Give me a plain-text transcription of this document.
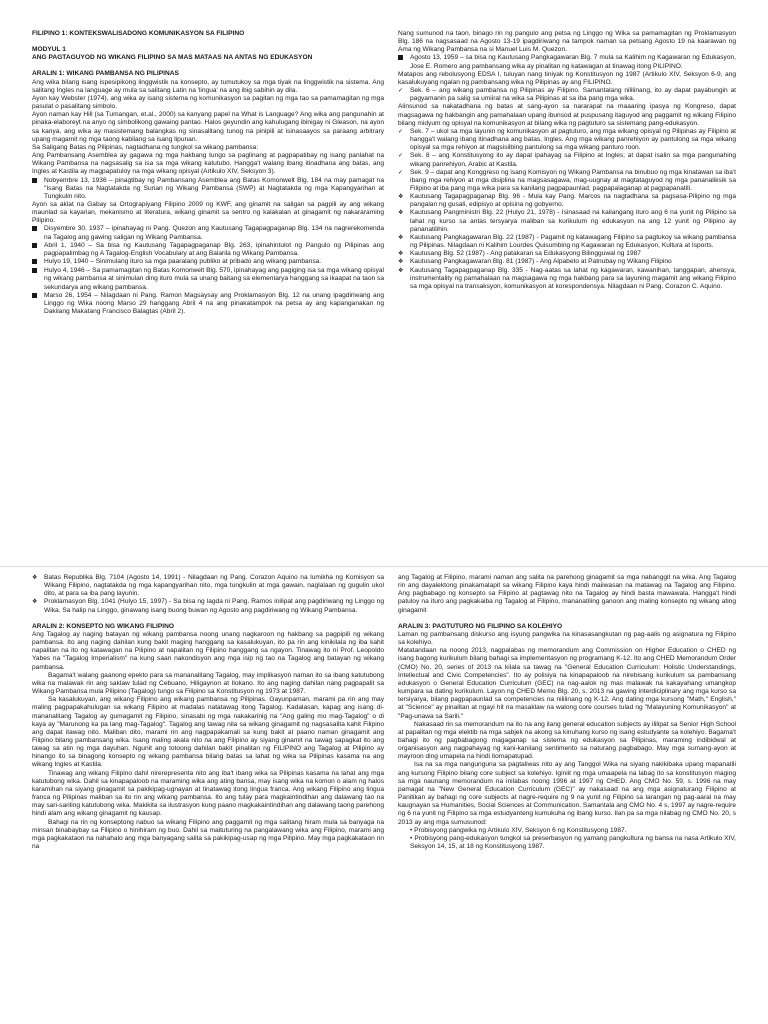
FILIPINO 1: KONTEKSWALISADONG KOMUNIKASYON SA FILIPINO

MODYUL 1

ANG PAGTAGUYOD NG WIKANG FILIPINO SA MAS MATAAS NA ANTAS NG EDUKASYON

ARALIN 1: WIKANG PAMBANSA NG PILIPINAS

Ang wika bilang isang ispesipikong linggwistik na konsepto, ay tumutukoy sa mga tiyak na linggwistik na sistema. Ang salitang Ingles na language ay mula sa salitang Latin na 'lingua' na ang ibig sabihin ay dila.

Ayon kay Webster (1974), ang wika ay isang sistema ng komunikasyon sa pagitan ng mga tao sa pamamagitan ng mga pasulat o pasalitang simbolo.

Ayon naman kay Hill (sa Tumangan, et.al., 2000) sa kanyang papel na What is Language? Ang wika ang pangunahin at pinaka-elaboreyt na anyo ng simbolikong gawaing pantao. Halos geyundin ang kahulugang ibinigay ni Gleason, na ayon sa kanya, ang wika ay masistemang balangkas ng sinasalitang tunog na pinipili at isinasaayos sa paraang arbitrary upang magamit ng mga taong kabilang sa isang lipunan.

Sa Saligang Batas ng Pilipinas, nagtadhana ng tungkol sa wikang pambansa:

Ang Pambansang Asemblea ay gagawa ng mga hakbang tungo sa paglinang at pagpapatibay ng isang panlahat na Wikang Pambansa na nagsasalig sa isa sa mga wikang katutubo. Hangga't walang ibang itinadhana ang batas, ang Ingles at Kastila ay magpapatuloy na mga wikang opisyal (Artikulo XIV, Seksyon 3).

Nobyembre 13, 1936 – pinagtibay ng Pambansang Asemblea ang Batas Komonwelt Blg. 184 na may pamagat na "Isang Batas na Nagtatakda ng Surian ng Wikang Pambansa (SWP) at Nagtatakda ng mga Kapangyarihan at Tungkulin nito.

Ayon sa aklat na Gabay sa Ortograpiyang Filipino 2009 ng KWF, ang ginamit na saligan sa pagpili ay ang wikang maunlad sa kayarian, mekanismo at literatura, wikang ginamit sa sentro ng kalakalan at ginagamit ng nakararaming Pilipino.

Disyembre 30, 1937 – ipinahayag ni Pang. Quezon ang Kautusang Tagapagpaganap Blg. 134 na nagrerekomenda na Tagalog ang gawing saligan ng Wikang Pambansa.
Abril 1, 1940 – Sa bisa ng Kautusang Tagapagpaganap Blg. 263, ipinahintulot ng Pangulo ng Pilipinas ang pagpapalimbag ng A Tagalog-English Vocabulary at ang Balarila ng Wikang Pambansa.
Hulyo 19, 1940 – Sinimulang ituro sa mga paaralang publiko at pribado ang wikang pambansa.
Hulyo 4, 1946 – Sa pamamagitan ng Batas Komonwelt Blg. 570, ipinahayag ang pagiging isa sa mga wikang opisyal ng wikang pambansa at sinimulan ding ituro mula sa unang baitang sa elementarya hanggang sa ikaapat na taon sa sekundarya ang wikang pambansa.
Marso 26, 1954 – Nilagdaan ni Pang. Ramon Magsaysay ang Proklamasyon Blg. 12 na unang ipagdiriwang ang Linggo ng Wika noong Marso 29 hanggang Abril 4 na ang pinakatampok na petsa ay ang kapanganakan ng Dakilang Makatang Francisco Balagtas (Abril 2).

Nang sumunod na taon, binago rin ng pangulo ang petsa ng Linggo ng Wika sa pamamagitan ng Proklamasyon Blg. 186 na nagsasaad na Agosto 13-19 ipagdiriwang na tampok naman sa petsang Agosto 19 na kaarawan ng Ama ng Wikang Pambansa na si Manuel Luis M. Quezon.

Agosto 13, 1959 – sa bisa ng Kautusang Pangkagawaran Blg. 7 mula sa Kalihim ng Kagawaran ng Edukasyon, Jose E. Romero ang pambansang wika ay pinalitan ng katawagan at tinawag itong PILIPINO.

Matapos ang rebolusyong EDSA I, tuluyan nang tiniyak ng Konstitusyon ng 1987 (Artikulo XIV, Seksyon 6-9, ang kasalukuyang ngalan ng pambansang wika ng Pilipinas ay ang FILIPINO.

✓	Sek. 6 – ang wikang pambansa ng Pilipinas ay Filipino. Samantalang nililinang, ito ay dapat payabungin at pagyamanin pa salig sa umiiral na wika sa Pilipinas at sa iba pang mga wika.

Alinsunod sa nakatadhana ng batas at sang-ayon sa nararapat na maaaring ipasya ng Kongreso, dapat magsagawa ng hakbangin ang pamahalaan upang ibunsod at puspusang itaguyod ang paggamit ng wikang Filipino bilang midyum ng opisyal na komunikasyon at bilang wika ng pagtuturo sa sistemang pang-edukasyon.

✓	Sek. 7 – ukol sa mga layunin ng komunikasyon at pagtuturo, ang mga wikang opisyal ng Pilipinas ay Filipino at hangga't walang ibang itinadhana ang batas, Ingles. Ang mga wikang panrehiyon ay pantulong sa mga wikang opisyal sa mga rehiyon at magsisilbing pantulong sa mga wikang panturo roon.
✓	Sek. 8 – ang Konstitusyong ito ay dapat ipahayag sa Filipino at Ingles; at dapat isalin sa mga pangunahing wikang panrehiyon, Arabic at Kastila.
✓	Sek. 9 – dapat ang Konggreso ng isang Komisyon ng Wikang Pambansa na binubuo ng mga kinatawan sa iba't ibang mga rehiyon at mga disiplina na magsasagawa, mag-uugnay at magtataguyod ng mga pananaliksik sa Filipino at iba pang mga wika para sa kanilang pagpapaunlad, pagpapalaganap at pagpapanatili.
❖	Kautusang Tagapagpaganap Blg. 96 - Mula kay Pang. Marcos na nagtadhana sa pagsasa-Pilipino ng mga pangalan ng gusali, edipisyo at opisina ng gobyerno.
❖	Kautusang Pangministri Blg. 22 (Hulyo 21, 1978) - Isinasaad na kailangang ituro ang 6 na yunit ng Pilipino sa lahat ng kurso sa antas tersyarya maliban sa kurikulum ng edukasyon na ang 12 yunit ng Pilipino ay pananatilihin.
❖	Kautusang Pangkagawaran Blg. 22 (1987) - Pagamit ng katawagang Filipino sa pagtukoy sa wikang pambansa ng Pilipinas. Nilagdaan ni Kalihim Lourdes Quisumbing ng Kagawaran ng Edukasyon, Kultura at Isports.
❖	Kautusang Blg. 52 (1987) - Ang patakaran sa Edukasyong Bilingguwal ng 1987
❖	Kautusang Pangkagawaran Blg. 81 (1987) - Ang Alpabeto at Patnubay ng Wikang Filipino
❖	Kautusang Tagapagpaganap Blg. 335 - Nag-aatas sa lahat ng kagawaran, kawanihan, tanggapan, ahensya, instrumentality ng pamahalaan na magsagawa ng mga hakbang para sa layuning magamit ang wikang Filipino sa mga opisyal na transaksyon, komunikasyon at korespondensya. Nilagdaan ni Pang. Corazon C. Aquino.
❖	Batas Republika Blg. 7104 (Agosto 14, 1991) - Nilagdaan ng Pang. Corazon Aquino na lumikha ng Komisyon sa Wikang Filipino, nagtatakda ng mga kapangyarihan nito, mga tungkulin at mga gawain, naglalaan ng gugulin ukol dito, at para sa iba pang layunin.
❖	Proklamasyon Blg. 1041 (Hulyo 15, 1997) - Sa bisa ng lagda ni Pang. Ramos inilipat ang pagdiriwang ng Linggo ng Wika. Sa halip na Linggo, ginawang isang buong buwan ng Agosto ang pagdiriwang ng Wikang Pambansa.

ARALIN 2: KONSEPTO NG WIKANG FILIPINO

Ang Tagalog ay naging batayan ng wikang pambansa noong unang nagkaroon ng hakbang sa pagpipili ng wikang pambansa. Ito ang naging dahilan kung bakit maging hanggang sa kasalukuyan, ito pa rin ang kinikilala ng iba kahit napalitan na ito ng katawagan na Pilipino at napalitan ng Filipino hanggang sa ngayon. Tinawag ito ni Prof. Leopoldo Yabes na "Tagalog Imperialism" na kung saan nakondisyon ang mga isip ng tao na Tagalog ang batayan ng wikang pambansa.

Bagama't walang gaanong epekto para sa mananalitang Tagalog, may implikasyon naman ito sa ibang katutubong wika na malawak rin ang saklaw tulad ng Cebuano, Hiligaynon at Ilokano. Ito ang naging dahilan nang pagpapalit sa Wikang Pambansa mula Pilipino (Tagalog) tungo sa Filipino sa Konstitusyon ng 1973 at 1987.

Sa kasalukuyan, ang wikang Filipino ang wikang pambansa ng Pilipinas. Gayunpaman, marami pa rin ang may maling pagpapakahulugan sa wikang Filipino at madalas natatawag itong Tagalog. Kadalasan, kapag ang isang di-mananalitang Tagalog ay gumagamit ng Filipino, sinasabi ng mga nakakarinig na "Ang galing mo mag-Tagalog" o di kaya ay "Marunong ka pa lang mag-Tagalog". Tagalog ang tawag nila sa wikang ginagamit ng nagsasalita kahit Filipino ang dapat itawag nito. Maliban dito, marami rin ang nagpapakamali sa kung bakit at paano naman ginagamit ang Filipino bilang pambansang wika. Isang maling akala nito na ang Filipino ay siyang ginamit na tawag sapagkat ito ang tawag sa atin ng mga dayuhan. Ngunit ang totoong dahilan bakit pinalitan ng FILIPINO ang Tagalog at Pilipino ay hinango ito sa binagong konsepto ng wikang pambansa bilang batas sa lahat ng wika sa Pilipinas kasama na ang wikang Ingles at Kastila.

Tinawag ang wikang Filipino dahil nirerepresenta nito ang iba't ibang wika sa Pilipinas kasama na lahat ang mga katutubong wika. Dahil sa kinapapaloob na maraming wika ang ating bansa, may isang wika na komon o alam ng halos karamihan na siyang ginagamit sa pakikipag-ugnayan at tinatawag itong lingua franca. Ang wikang Filipino ang lingua franca ng Pilipinas maliban sa ito rin ang wikang pambansa. Ito ang tulay para magkaintindihan ang dalawang tao na may sari-sariling katutubong wika. Makikita sa ilustrasyon kung paano magkakaintindihan ang dalawang taong parehong hindi alam ang wikang ginagamit ng kausap.

Bahagi na rin ng konseptong nabuo sa wikang Filipino ang paggamit ng mga salitang hiram mula sa banyaga na minsan binabaybay sa Filipino o hinihiram ng buo. Dahil sa maituturing na pangalawang wika ang Filipino, marami ang mga pagkakataon na nahahalo ang mga banyagang salita sa pakikipag-usap ng mga Pilipino. May mga pagkakataon rin na

ang Tagalog at Filipino, marami naman ang salita na parehong ginagamit sa mga nabanggit na wika. Ang Tagalog rin ang dayalektong pinakamalapit sa wikang Filipino kaya hindi maiiwasan na matawag na Tagalog ang Filipino. Ang pagbabago ng konsepto sa Filipino at pagtawag nito na Tagalog ay hindi basta mawawala. Hangga't hindi patuloy na ituro ang pagkakaiba ng Tagalog at Filipino, mananatiling ganoon ang maling konsepto ng wikang ating ginagamit

ARALIN 3: PAGTUTURO NG FILIPINO SA KOLEHIYO

Laman ng pambansang diskurso ang isyung pangwika na kinasasangkutan ng pag-aalis ng asignatura ng Filipino sa kolehiyo.

Matatandaan na noong 2013, nagpalabas ng memorandum ang Commission on Higher Education o CHED ng isang bagong kurikulum bilang bahagi sa implementasyon ng programang K-12. Ito ang CHED Memorandum Order (CMO) No. 20, series of 2013 na kilala sa tawag na "General Education Curriculum: Holistic Understandings, Intellectual and Civic Competencies". Ito ay polisiya na kinapapaloob na nirebisang kurikulum sa pambansang edukasyon o General Education Curriculum (GEC) na nag-aalok ng mas malawak na kakayahang umangkop kumpara sa dating kurikulum. Layon ng CHED Memo Blg. 20, s. 2013 na gawing interdiciplinary ang mga kurso sa tersiyarya, bilang pagpapaunlad sa competencies na nililinang ng K-12. Ang dating mga kursong "Math," English," at "Science" ay pinalitan at ngayi hit na masaklaw na walong core courses tulad ng "Malayuning Komunikasyon" at "Pag-unawa sa Sarili."

Nakasaad rin sa memorandum na ito na ang ilang general education subjects ay ililipat sa Senior High School at papalitan ng mga elektib na mga sabjek na akong sa kinuhang kurso ng isang estudyante sa kolehiyo. Bagama't bahagi ito ng pagbabagong magaganap sa sistema ng edukasyon sa Pilipinas, maraming indibidwal at organisasyon ang nagpahayag ng kani-kanilang sentimento sa naturang pagbabago. May mga sumang-ayon at mayroon ding umapela na hindi itomapatupad.

Isa na sa mga nangunguna sa pagtaliwas nito ay ang Tanggol Wika na siyang nakikibaka upang mapanatili ang kursong Filipino bilang core subject sa kolehiyo. Iginiit ng mga umaapela na labag ito sa konstitusyon maging sa mga naunang memorandum na inilabas noong 1996 at 1997 ng CHED. Ang CMO No. 59, s. 1996 na may pamagat na "New General Education Curriculum (GEC)" ay nakasaad na ang mga asignaturang Filipino at Panitikan ay bahagi ng core subjects at nagre-require ng 9 na yunit ng Filipino sa larangan ng pag-aaral na may kaugnayan sa Humanities, Social Sciences at Communication. Samantala ang CMO No. 4 s, 1997 ay nagre-require ng 6 na yunit ng Filipino sa mga estudyanteng kumukuha ng ibang kurso. Ilan pa sa mga nilabag ng CMO No. 20, s 2013 ay ang mga sumusunod:

• Probisyong pangwika ng Artikulo XIV, Seksyon 6 ng Konstitusyong 1987.

• Probisyong pang-edukasyon tungkol sa preserbasyon ng yamang pangkultura ng bansa na nasa Artikulo XIV, Seksyon 14, 15, at 18 ng Konstitusyong 1987.
